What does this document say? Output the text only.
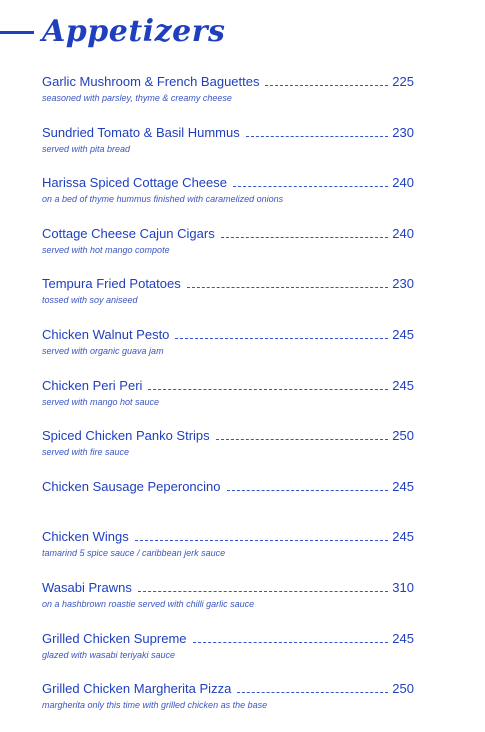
Appetizers
Garlic Mushroom & French Baguettes	225
seasoned with parsley, thyme & creamy cheese
Sundried Tomato & Basil Hummus	230
served with pita bread
Harissa Spiced Cottage Cheese	240
on a bed of thyme hummus finished with caramelized onions
Cottage Cheese Cajun Cigars	240
served with hot mango compote
Tempura Fried Potatoes	230
tossed with soy aniseed
Chicken Walnut Pesto	245
served with organic guava jam
Chicken Peri Peri	245
served with mango hot sauce
Spiced Chicken Panko Strips	250
served with fire sauce
Chicken Sausage Peperoncino	245
Chicken Wings	245
tamarind 5 spice sauce / caribbean jerk sauce
Wasabi Prawns	310
on a hashbrown roastie served with chilli garlic sauce
Grilled Chicken Supreme	245
glazed with wasabi teriyaki sauce
Grilled Chicken Margherita Pizza	250
margherita only this time with grilled chicken as the base
